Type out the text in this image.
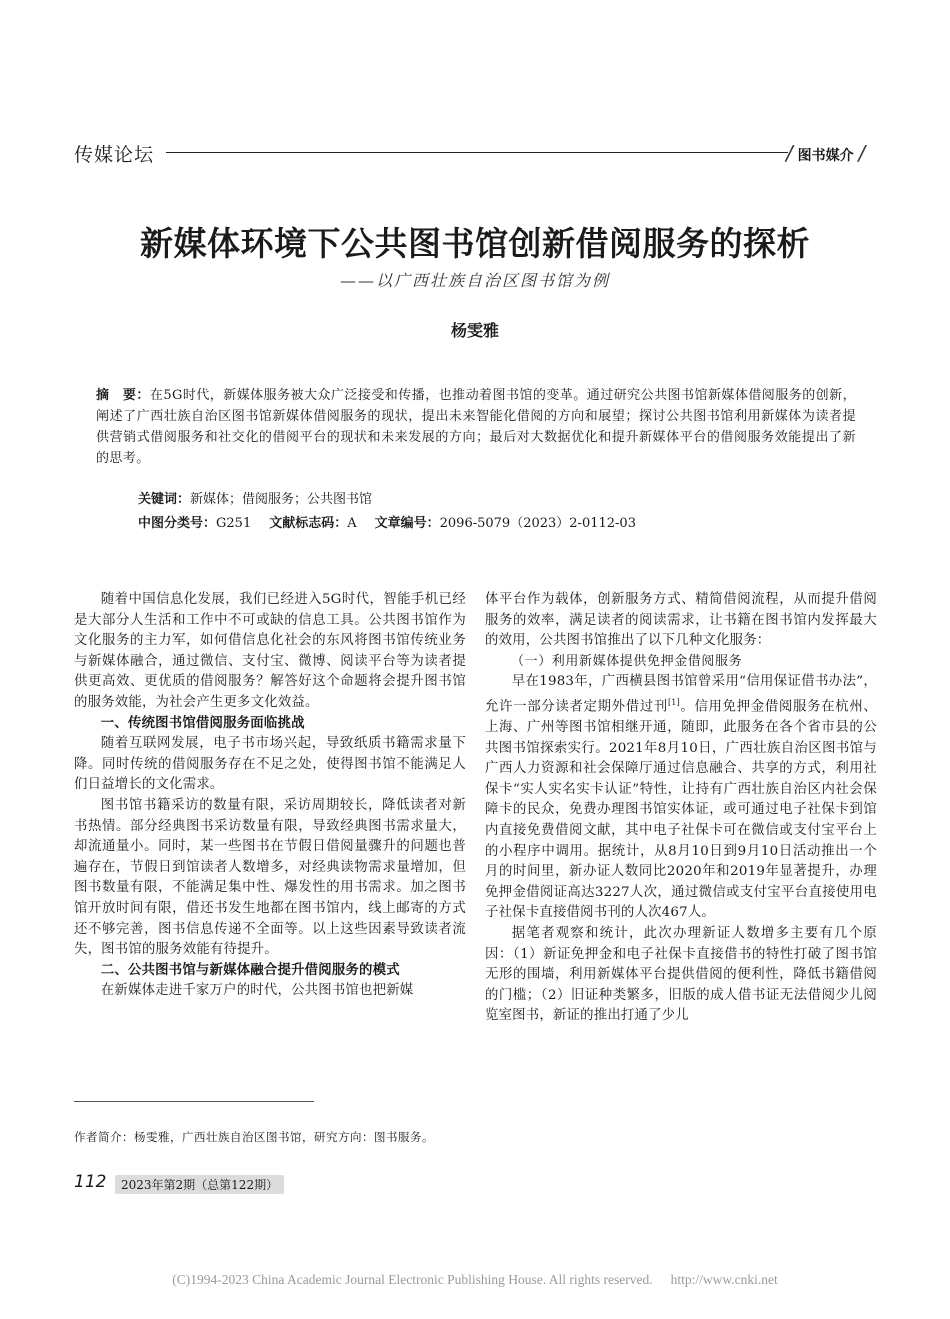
传媒论坛	/ 图书媒介 /
新媒体环境下公共图书馆创新借阅服务的探析
——以广西壮族自治区图书馆为例
杨雯雅
摘　要：在5G时代，新媒体服务被大众广泛接受和传播，也推动着图书馆的变革。通过研究公共图书馆新媒体借阅服务的创新，阐述了广西壮族自治区图书馆新媒体借阅服务的现状，提出未来智能化借阅的方向和展望；探讨公共图书馆利用新媒体为读者提供营销式借阅服务和社交化的借阅平台的现状和未来发展的方向；最后对大数据优化和提升新媒体平台的借阅服务效能提出了新的思考。
关键词：新媒体；借阅服务；公共图书馆
中图分类号：G251 文献标志码：A 文章编号：2096-5079（2023）2-0112-03

随着中国信息化发展，我们已经进入5G时代，智能手机已经是大部分人生活和工作中不可或缺的信息工具。公共图书馆作为文化服务的主力军，如何借信息化社会的东风将图书馆传统业务与新媒体融合，通过微信、支付宝、微博、阅读平台等为读者提供更高效、更优质的借阅服务？解答好这个命题将会提升图书馆的服务效能，为社会产生更多文化效益。

一、传统图书馆借阅服务面临挑战

随着互联网发展，电子书市场兴起，导致纸质书籍需求量下降。同时传统的借阅服务存在不足之处，使得图书馆不能满足人们日益增长的文化需求。

图书馆书籍采访的数量有限，采访周期较长，降低读者对新书热情。部分经典图书采访数量有限，导致经典图书需求量大，却流通量小。同时，某一些图书在节假日借阅量骤升的问题也普遍存在，节假日到馆读者人数增多，对经典读物需求量增加，但图书数量有限，不能满足集中性、爆发性的用书需求。加之图书馆开放时间有限，借还书发生地都在图书馆内，线上邮寄的方式还不够完善，图书信息传递不全面等。以上这些因素导致读者流失，图书馆的服务效能有待提升。

二、公共图书馆与新媒体融合提升借阅服务的模式

在新媒体走进千家万户的时代，公共图书馆也把新媒

体平台作为载体，创新服务方式、精简借阅流程，从而提升借阅服务的效率，满足读者的阅读需求，让书籍在图书馆内发挥最大的效用，公共图书馆推出了以下几种文化服务：

（一）利用新媒体提供免押金借阅服务

早在1983年，广西横县图书馆曾采用“信用保证借书办法”，允许一部分读者定期外借过刊[1]。信用免押金借阅服务在杭州、上海、广州等图书馆相继开通，随即，此服务在各个省市县的公共图书馆探索实行。2021年8月10日，广西壮族自治区图书馆与广西人力资源和社会保障厅通过信息融合、共享的方式，利用社保卡“实人实名实卡认证”特性，让持有广西壮族自治区内社会保障卡的民众，免费办理图书馆实体证，或可通过电子社保卡到馆内直接免费借阅文献，其中电子社保卡可在微信或支付宝平台上的小程序中调用。据统计，从8月10日到9月10日活动推出一个月的时间里，新办证人数同比2020年和2019年显著提升，办理免押金借阅证高达3227人次，通过微信或支付宝平台直接使用电子社保卡直接借阅书刊的人次467人。

据笔者观察和统计，此次办理新证人数增多主要有几个原因：（1）新证免押金和电子社保卡直接借书的特性打破了图书馆无形的围墙，利用新媒体平台提供借阅的便利性，降低书籍借阅的门槛；（2）旧证种类繁多，旧版的成人借书证无法借阅少儿阅览室图书，新证的推出打通了少儿

作者简介：杨雯雅，广西壮族自治区图书馆，研究方向：图书服务。
112	2023年第2期（总第122期）
(C)1994-2023 China Academic Journal Electronic Publishing House. All rights reserved. http://www.cnki.net
